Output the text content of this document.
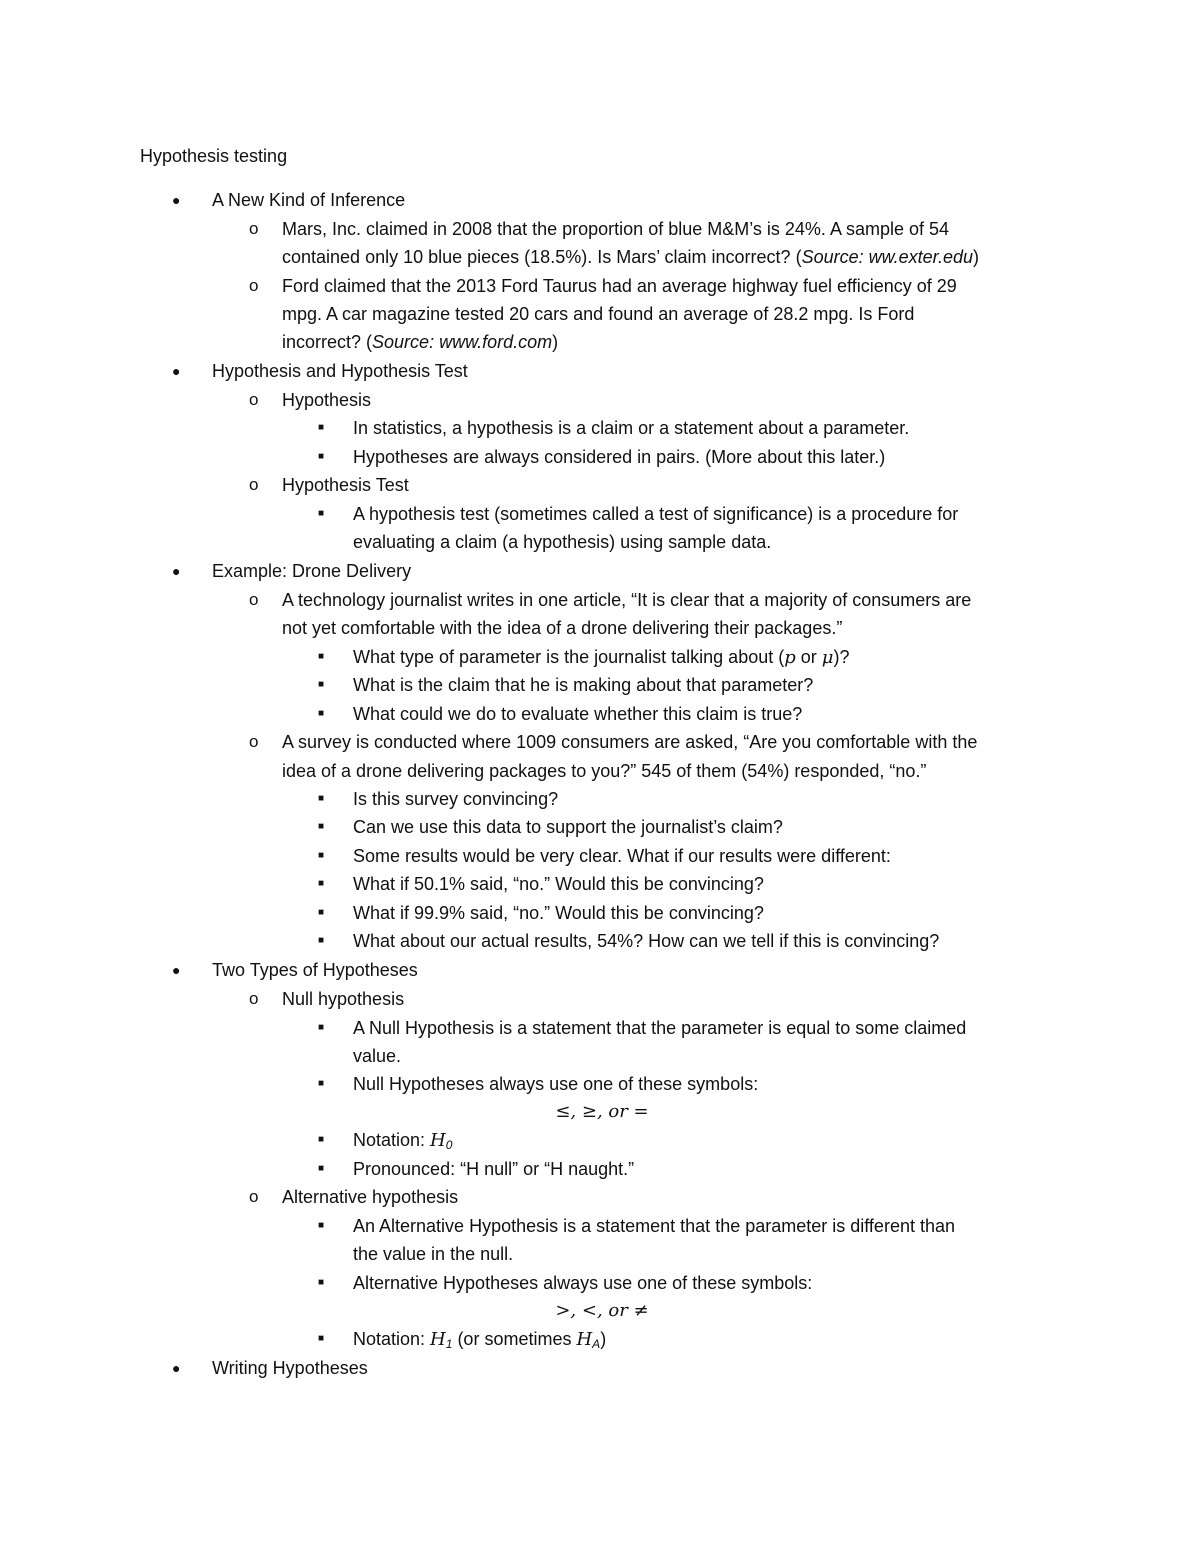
Hypothesis testing
● A New Kind of Inference
o Mars, Inc. claimed in 2008 that the proportion of blue M&M’s is 24%. A sample of 54
contained only 10 blue pieces (18.5%). Is Mars’ claim incorrect? (Source: ww.exter.edu)
o Ford claimed that the 2013 Ford Taurus had an average highway fuel efficiency of 29
mpg. A car magazine tested 20 cars and found an average of 28.2 mpg. Is Ford
incorrect? (Source: www.ford.com)
● Hypothesis and Hypothesis Test
o Hypothesis
■ In statistics, a hypothesis is a claim or a statement about a parameter.
■ Hypotheses are always considered in pairs. (More about this later.)
o Hypothesis Test
■ A hypothesis test (sometimes called a test of significance) is a procedure for
evaluating a claim (a hypothesis) using sample data.
● Example: Drone Delivery
o A technology journalist writes in one article, “It is clear that a majority of consumers are
not yet comfortable with the idea of a drone delivering their packages.”
■ What type of parameter is the journalist talking about (p or μ)?
■ What is the claim that he is making about that parameter?
■ What could we do to evaluate whether this claim is true?
o A survey is conducted where 1009 consumers are asked, “Are you comfortable with the
idea of a drone delivering packages to you?” 545 of them (54%) responded, “no.”
■ Is this survey convincing?
■ Can we use this data to support the journalist’s claim?
■ Some results would be very clear. What if our results were different:
■ What if 50.1% said, “no.” Would this be convincing?
■ What if 99.9% said, “no.” Would this be convincing?
■ What about our actual results, 54%? How can we tell if this is convincing?
● Two Types of Hypotheses
o Null hypothesis
■ A Null Hypothesis is a statement that the parameter is equal to some claimed
value.
■ Null Hypotheses always use one of these symbols:
≤, ≥, or =
■ Notation: $H_0$
■ Pronounced: “H null” or “H naught.”
o Alternative hypothesis
■ An Alternative Hypothesis is a statement that the parameter is different than
the value in the null.
■ Alternative Hypotheses always use one of these symbols:
>, <, or ≠
■ Notation: $H_1$ (or sometimes $H_A$)
● Writing Hypotheses
